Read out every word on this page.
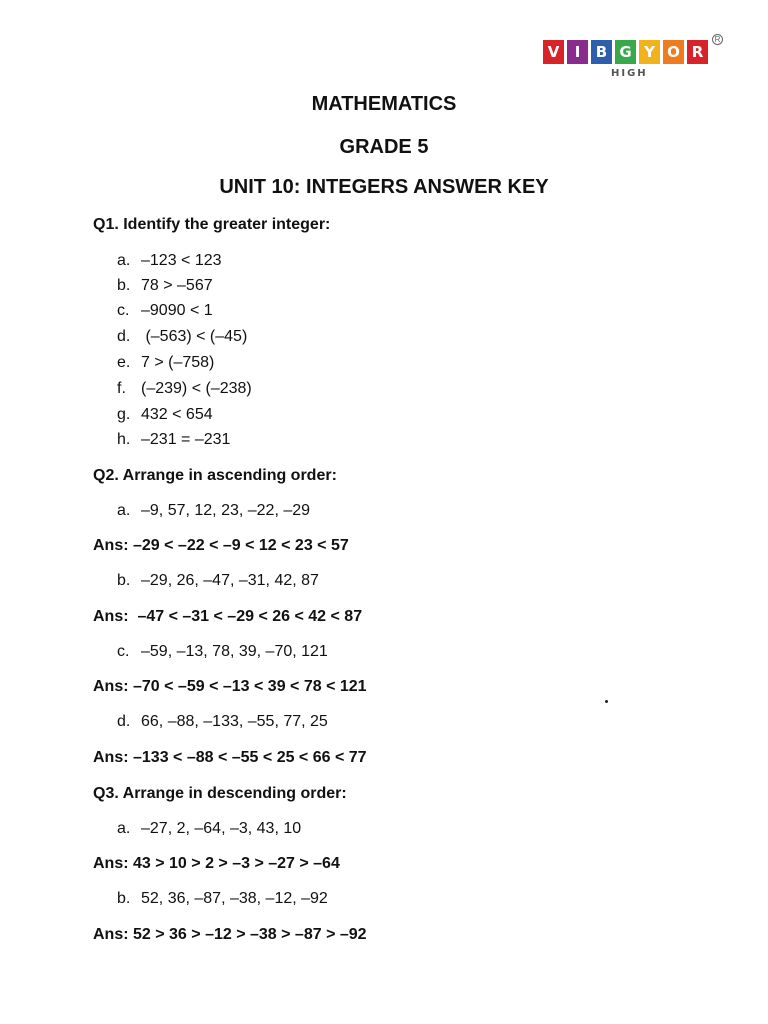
V	I	B G Y O R
HIGH
R
MATHEMATICS
GRADE 5
UNIT 10: INTEGERS ANSWER KEY
Q1. Identify the greater integer:
a. –123 < 123
b. 78 > –567
c. –9090 < 1
d. (–563) < (–45)
e. 7 > (–758)
f. (–239) < (–238)
g. 432 < 654
h. –231 = –231
Q2. Arrange in ascending order:
a. –9, 57, 12, 23, –22, –29
Ans: –29 < –22 < –9 < 12 < 23 < 57
b. –29, 26, –47, –31, 42, 87
Ans:  –47 < –31 < –29 < 26 < 42 < 87
c. –59, –13, 78, 39, –70, 121
Ans: –70 < –59 < –13 < 39 < 78 < 121
d. 66, –88, –133, –55, 77, 25
Ans: –133 < –88 < –55 < 25 < 66 < 77
Q3. Arrange in descending order:
a. –27, 2, –64, –3, 43, 10
Ans: 43 > 10 > 2 > –3 > –27 > –64
b. 52, 36, –87, –38, –12, –92
Ans: 52 > 36 > –12 > –38 > –87 > –92
